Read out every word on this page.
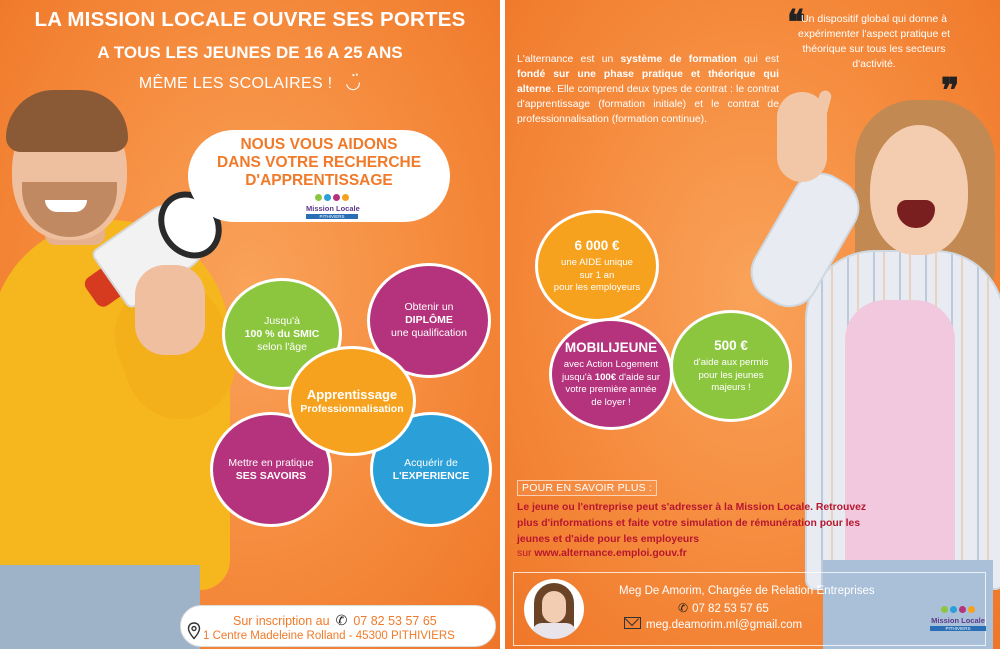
LA MISSION LOCALE OUVRE SES PORTES
A TOUS LES JEUNES DE 16 A 25 ANS
MÊME LES SCOLAIRES ! ◡̈
NOUS VOUS AIDONS
DANS VOTRE RECHERCHE
D'APPRENTISSAGE
Mission Locale
PITHIVIERS
Jusqu'à
100 % du SMIC
selon l'âge
Obtenir un
DIPLÔME
une qualification
Mettre en pratique
SES SAVOIRS
Acquérir de
L'EXPERIENCE
Apprentissage
Professionnalisation
Sur inscription au ✆ 07 82 53 57 65
1 Centre Madeleine Rolland - 45300 PITHIVIERS
L'alternance est un système de formation qui est fondé sur une phase pratique et théorique qui alterne. Elle comprend deux types de contrat : le contrat d'apprentissage (formation initiale) et le contrat de professionnalisation (formation continue).
❝
Un dispositif global qui donne à expérimenter l'aspect pratique et théorique sur tous les secteurs d'activité.
❞
6 000 €
une AIDE unique
sur 1 an
pour les employeurs
500 €
d'aide aux permis
pour les jeunes
majeurs !
MOBILIJEUNE
avec Action Logement
jusqu'à 100€ d'aide sur
votre première année
de loyer !
POUR EN SAVOIR PLUS :
Le jeune ou l'entreprise peut s'adresser à la Mission Locale. Retrouvez plus d'informations et faite votre simulation de rémunération pour les jeunes et d'aide pour les employeurs
sur www.alternance.emploi.gouv.fr
Meg De Amorim, Chargée de Relation Entreprises
✆ 07 82 53 57 65
meg.deamorim.ml@gmail.com	Mission Locale
PITHIVIERS
